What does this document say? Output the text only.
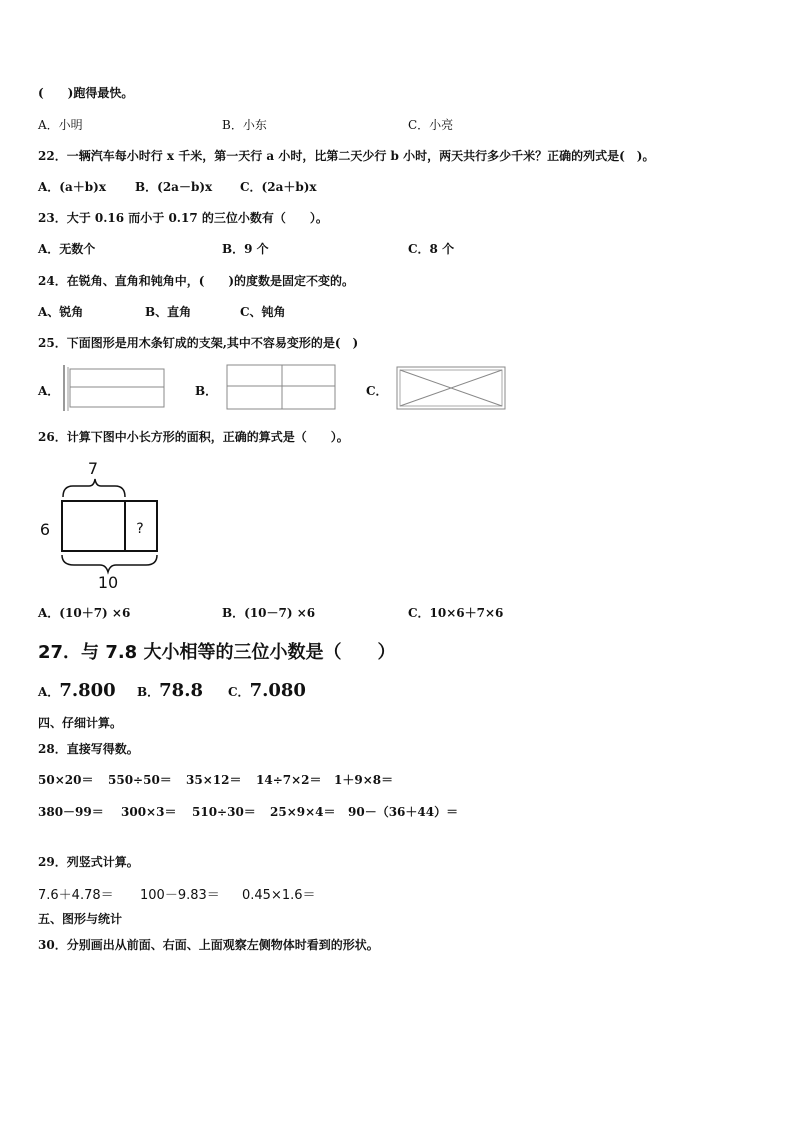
(　　)跑得最快。
A．小明	B．小东	C．小亮
22．一辆汽车每小时行 x 千米，第一天行 a 小时，比第二天少行 b 小时，两天共行多少千米？正确的列式是(　)。
A．(a＋b)x B．(2a－b)x C．(2a＋b)x
23．大于 0.16 而小于 0.17 的三位小数有（　　）。
A．无数个	B．9 个	C．8 个
24．在锐角、直角和钝角中，(　　)的度数是固定不变的。
A、锐角	B、直角	C、钝角
25．下面图形是用木条钉成的支架,其中不容易变形的是(　)
A．	B．	C．
26．计算下图中小长方形的面积，正确的算式是（　　）。
7
6	?
10
A．(10＋7) ×6	B．(10－7) ×6	C．10×6＋7×6
27．与 7.8 大小相等的三位小数是（　　）
A．7.800 B．78.8 C．7.080
四、仔细计算。
28．直接写得数。
50×20＝ 550÷50＝ 35×12＝ 14÷7×2＝ 1＋9×8＝
380－99＝ 300×3＝ 510÷30＝ 25×9×4＝ 90－（36＋44）＝
29．列竖式计算。
7.6＋4.78＝ 100－9.83＝ 0.45×1.6＝
五、图形与统计
30．分别画出从前面、右面、上面观察左侧物体时看到的形状。
